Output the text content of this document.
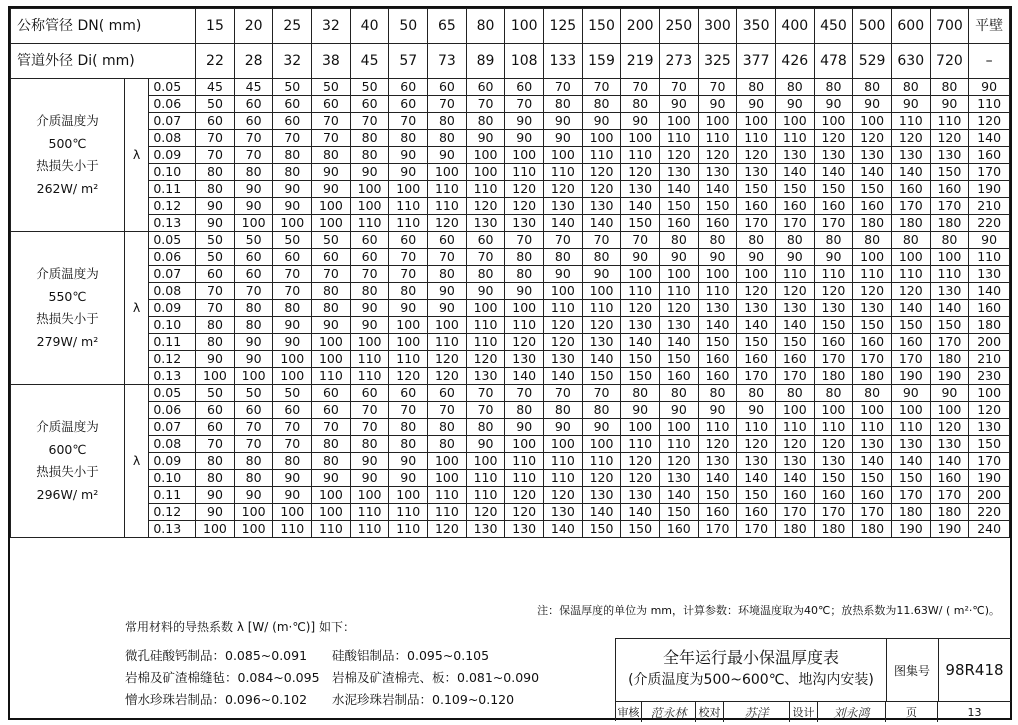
公称管径 DN( mm)			15	20	25	32	40	50	65	80	100	125	150	200	250	300	350	400	450	500	600	700	平壁
管道外径 Di( mm)			22	28	32	38	45	57	73	89	108	133	159	219	273	325	377	426	478	529	630	720	–

介质温度为
500℃
热损失小于
262W/ m²	λ	0.05	45	45	50	50	50	60	60	60	60	70	70	70	70	70	80	80	80	80	80	80	90
		0.06	50	60	60	60	60	60	70	70	70	80	80	80	90	90	90	90	90	90	90	90	110
		0.07	60	60	60	70	70	70	80	80	90	90	90	90	100	100	100	100	100	100	110	110	120
		0.08	70	70	70	70	80	80	80	90	90	90	100	100	110	110	110	110	120	120	120	120	140
		0.09	70	70	80	80	80	90	90	100	100	100	110	110	120	120	120	130	130	130	130	130	160
		0.10	80	80	80	90	90	90	100	100	110	110	120	120	130	130	130	140	140	140	140	150	170
		0.11	80	90	90	90	100	100	110	110	120	120	120	130	140	140	150	150	150	150	160	160	190
		0.12	90	90	90	100	100	110	110	120	120	130	130	140	150	150	160	160	160	160	170	170	210
		0.13	90	100	100	100	110	110	120	130	130	140	140	150	160	160	170	170	170	180	180	180	220

介质温度为
550℃
热损失小于
279W/ m²	λ	0.05	50	50	50	50	60	60	60	60	70	70	70	70	80	80	80	80	80	80	80	80	90
		0.06	50	60	60	60	60	70	70	70	80	80	80	90	90	90	90	90	90	100	100	100	110
		0.07	60	60	70	70	70	70	80	80	80	90	90	100	100	100	100	110	110	110	110	110	130
		0.08	70	70	70	80	80	80	90	90	90	100	100	110	110	110	120	120	120	120	120	130	140
		0.09	70	80	80	80	90	90	90	100	100	110	110	120	120	130	130	130	130	130	140	140	160
		0.10	80	80	90	90	90	100	100	110	110	120	120	130	130	140	140	140	150	150	150	150	180
		0.11	80	90	90	100	100	100	110	110	120	120	130	140	140	150	150	150	160	160	160	170	200
		0.12	90	90	100	100	110	110	120	120	130	130	140	150	150	160	160	160	170	170	170	180	210
		0.13	100	100	100	110	110	120	120	130	140	140	150	150	160	160	170	170	180	180	190	190	230

介质温度为
600℃
热损失小于
296W/ m²	λ	0.05	50	50	50	60	60	60	60	70	70	70	70	80	80	80	80	80	80	80	90	90	100
		0.06	60	60	60	60	70	70	70	70	80	80	80	90	90	90	90	100	100	100	100	100	120
		0.07	60	70	70	70	70	80	80	80	90	90	90	100	100	110	110	110	110	110	110	120	130
		0.08	70	70	70	80	80	80	80	90	100	100	100	110	110	120	120	120	120	130	130	130	150
		0.09	80	80	80	80	90	90	100	100	110	110	110	120	120	130	130	130	130	140	140	140	170
		0.10	80	80	90	90	90	90	100	110	110	110	120	120	130	140	140	140	150	150	150	160	190
		0.11	90	90	90	100	100	100	110	110	120	120	130	130	140	150	150	160	160	160	170	170	200
		0.12	90	100	100	100	110	110	110	120	120	130	140	140	150	160	160	170	170	170	180	180	220
		0.13	100	100	110	110	110	110	120	130	130	140	150	150	160	170	170	180	180	180	190	190	240
注：保温厚度的单位为 mm，计算参数：环境温度取为40℃；放热系数为11.63W/ ( m²·℃)。
常用材料的导热系数 λ [W/ (m·℃)] 如下：
微孔硅酸钙制品：0.085~0.091　　硅酸铝制品：0.095~0.105
岩棉及矿渣棉缝毡：0.084~0.095　岩棉及矿渣棉壳、板：0.081~0.090
憎水珍珠岩制品：0.096~0.102　　水泥珍珠岩制品：0.109~0.120
全年运行最小保温厚度表
(介质温度为500~600℃、地沟内安装)
图集号	98R418
审核 范永林	校对	苏洋	设计	刘永鸿	页	13
